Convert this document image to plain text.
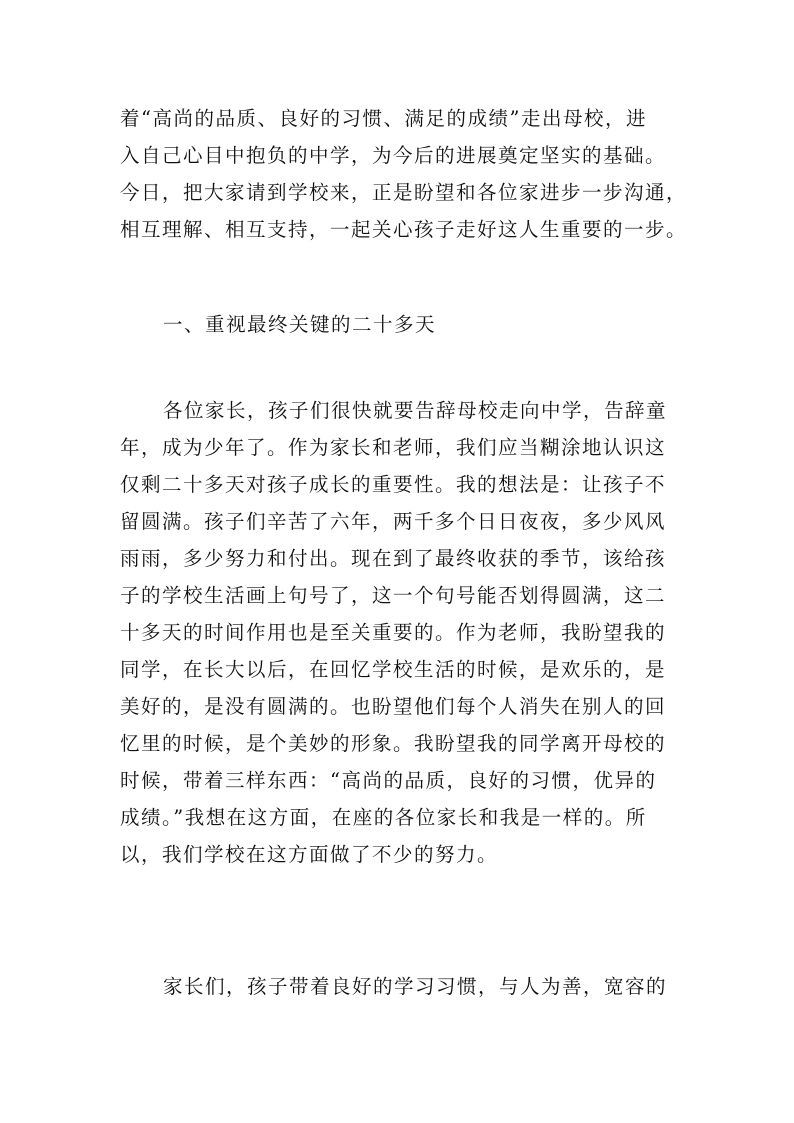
着“高尚的品质、良好的习惯、满足的成绩”走出母校，进
入自己心目中抱负的中学，为今后的进展奠定坚实的基础。
今日，把大家请到学校来，正是盼望和各位家进步一步沟通，
相互理解、相互支持，一起关心孩子走好这人生重要的一步。
一、重视最终关键的二十多天
各位家长，孩子们很快就要告辞母校走向中学，告辞童
年，成为少年了。作为家长和老师，我们应当糊涂地认识这
仅剩二十多天对孩子成长的重要性。我的想法是：让孩子不
留圆满。孩子们辛苦了六年，两千多个日日夜夜，多少风风
雨雨，多少努力和付出。现在到了最终收获的季节，该给孩
子的学校生活画上句号了，这一个句号能否划得圆满，这二
十多天的时间作用也是至关重要的。作为老师，我盼望我的
同学，在长大以后，在回忆学校生活的时候，是欢乐的，是
美好的，是没有圆满的。也盼望他们每个人消失在别人的回
忆里的时候，是个美妙的形象。我盼望我的同学离开母校的
时候，带着三样东西：“高尚的品质，良好的习惯，优异的
成绩。”我想在这方面，在座的各位家长和我是一样的。所
以，我们学校在这方面做了不少的努力。
家长们，孩子带着良好的学习习惯，与人为善，宽容的
